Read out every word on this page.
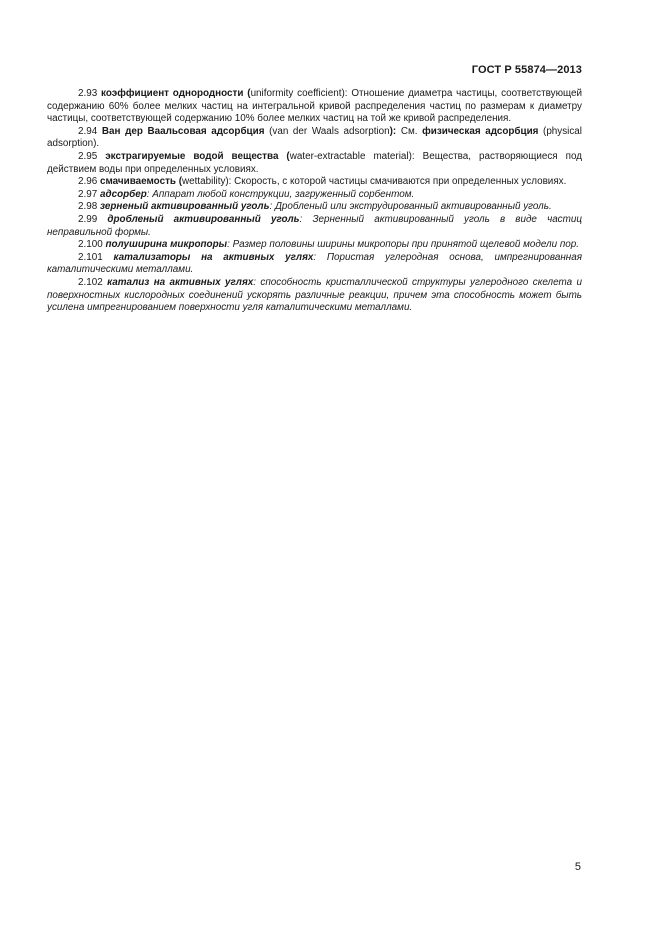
ГОСТ Р 55874—2013

2.93 коэффициент однородности (uniformity coefficient): Отношение диаметра частицы, соответствующей содержанию 60% более мелких частиц на интегральной кривой распределения частиц по размерам к диаметру частицы, соответствующей содержанию 10% более мелких частиц на той же кривой распределения.

2.94 Ван дер Ваальсовая адсорбция (van der Waals adsorption): См. физическая адсорбция (physical adsorption).

2.95 экстрагируемые водой вещества (water-extractable material): Вещества, растворяющиеся под действием воды при определенных условиях.

2.96 смачиваемость (wettability): Скорость, с которой частицы смачиваются при определенных условиях.

2.97 адсорбер: Аппарат любой конструкции, загруженный сорбентом.

2.98 зерненый активированный уголь: Дробленый или экструдированный активированный уголь.

2.99 дробленый активированный уголь: Зерненный активированный уголь в виде частиц неправильной формы.

2.100 полуширина микропоры: Размер половины ширины микропоры при принятой щелевой модели пор.

2.101 катализаторы на активных углях: Пористая углеродная основа, импрегнированная каталитическими металлами.

2.102 катализ на активных углях: способность кристаллической структуры углеродного скелета и поверхностных кислородных соединений ускорять различные реакции, причем эта способность может быть усилена импрегнированием поверхности угля каталитическими металлами.

5
